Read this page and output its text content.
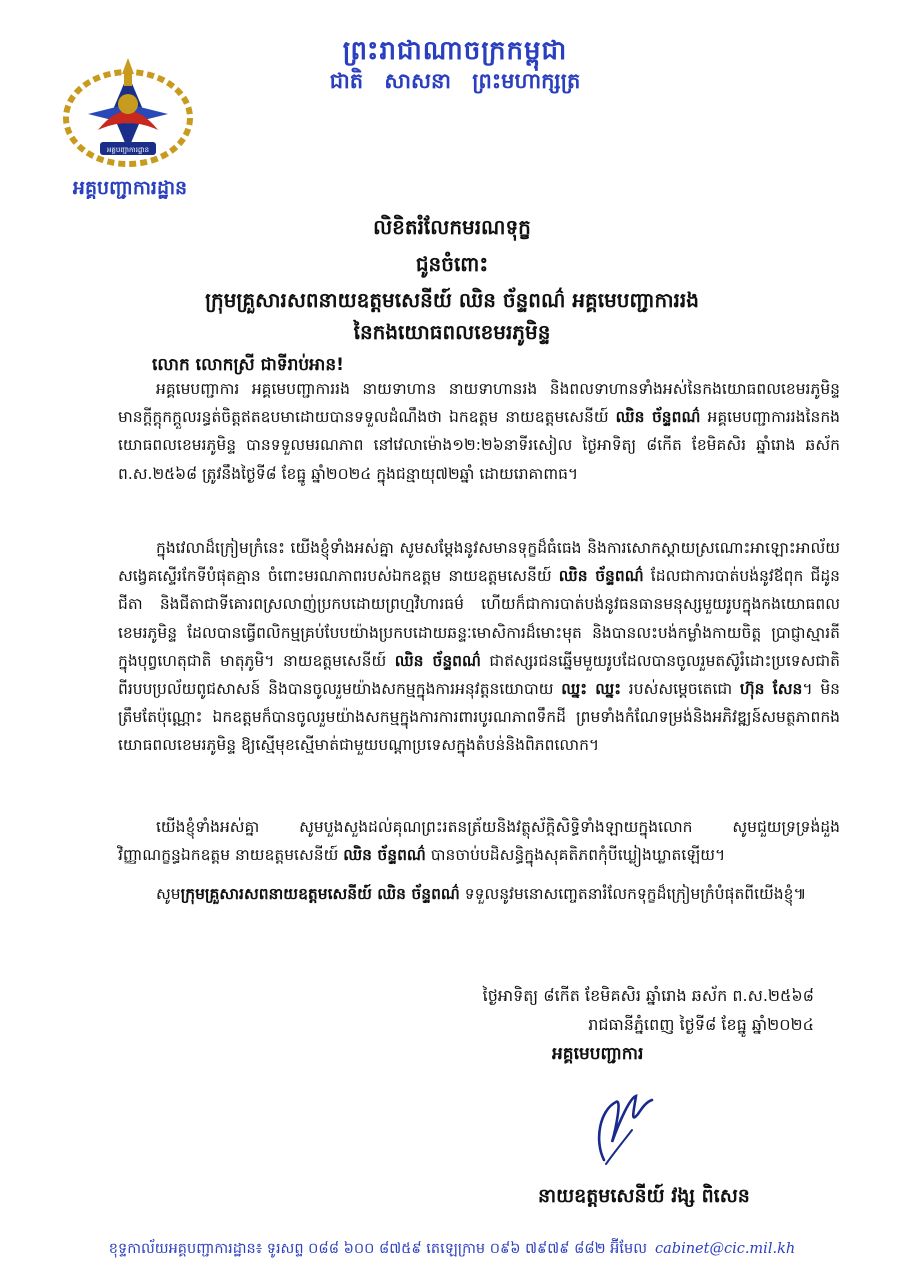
អគ្គបញ្ជាការដ្ឋាន
អគ្គបញ្ជាការដ្ឋាន
ព្រះរាជាណាចក្រកម្ពុជា
ជាតិ សាសនា ព្រះមហាក្សត្រ
លិខិតរំលែកមរណទុក្ខ
ជូនចំពោះ
ក្រុមគ្រួសារសពនាយឧត្តមសេនីយ៍ ឈិន ច័ន្ទពណ៌ អគ្គមេបញ្ជាការរង
នៃកងយោធពលខេមរភូមិន្ទ
លោក លោកស្រី ជាទីរាប់អាន!

អគ្គមេបញ្ជាការ អគ្គមេបញ្ជាការរង នាយទាហាន នាយទាហានរង និងពលទាហានទាំងអស់នៃកងយោធពលខេមរភូមិន្ទ មានក្តីក្តុកក្តួលរន្ធត់ចិត្តឥតឧបមាដោយបានទទួលដំណឹងថា ឯកឧត្តម នាយឧត្តមសេនីយ៍ ឈិន ច័ន្ទពណ៌ អគ្គមេបញ្ជាការរងនៃកងយោធពលខេមរភូមិន្ទ បានទទួលមរណភាព នៅវេលាម៉ោង១២:២៦នាទីរសៀល ថ្ងៃអាទិត្យ ៨កើត ខែមិគសិរ ឆ្នាំរោង ឆស័ក ព.ស.២៥៦៨ ត្រូវនឹងថ្ងៃទី៨ ខែធ្នូ ឆ្នាំ២០២៤ ក្នុងជន្មាយុ៧២ឆ្នាំ ដោយរោគាពាធ។

ក្នុងវេលាដ៏ក្រៀមក្រំនេះ យើងខ្ញុំទាំងអស់គ្នា សូមសម្តែងនូវសមានទុក្ខដ៏ធំធេង និងការសោកស្តាយស្រណោះអាឡោះអាល័យ សង្វេគស្ទើរកែទីបំផុតគ្មាន ចំពោះមរណភាពរបស់ឯកឧត្តម នាយឧត្តមសេនីយ៍ ឈិន ច័ន្ទពណ៌ ដែលជាការបាត់បង់នូវឪពុក ជីដូនជីតា និងជីតាជាទីគោរពស្រលាញ់ប្រកបដោយព្រហ្មវិហារធម៌ ហើយក៏ជាការបាត់បង់នូវធនធានមនុស្សមួយរូបក្នុងកងយោធពលខេមរភូមិន្ទ ដែលបានធ្វើពលិកម្មគ្រប់បែបយ៉ាងប្រកបដោយឆន្ទៈមោសិការដ៏មោះមុត និងបានលះបង់កម្លាំងកាយចិត្ត ប្រាជ្ញាស្មារតី ក្នុងបុព្វហេតុជាតិ មាតុភូមិ។ នាយឧត្តមសេនីយ៍ ឈិន ច័ន្ទពណ៌ ជាឥស្សរជនឆ្នើមមួយរូបដែលបានចូលរួមតស៊ូរំដោះប្រទេសជាតិពីរបបប្រល័យពូជសាសន៍ និងបានចូលរួមយ៉ាងសកម្មក្នុងការអនុវត្តនយោបាយ ឈ្នះ ឈ្នះ របស់សម្តេចតេជោ ហ៊ុន សែន។ មិនត្រឹមតែប៉ុណ្ណោះ ឯកឧត្តមក៏បានចូលរួមយ៉ាងសកម្មក្នុងការការពារបូរណភាពទឹកដី ព្រមទាំងកំណែទម្រង់និងអភិវឌ្ឍន៍សមត្ថភាពកងយោធពលខេមរភូមិន្ទ ឱ្យស្មើមុខស្មើមាត់ជាមួយបណ្តាប្រទេសក្នុងតំបន់និងពិភពលោក។

យើងខ្ញុំទាំងអស់គ្នា សូមបួងសួងដល់គុណព្រះរតនត្រ័យនិងវត្ថុស័ក្តិសិទ្ធិទាំងឡាយក្នុងលោក សូមជួយទ្រទ្រង់ដួងវិញ្ញាណក្ខន្ធឯកឧត្តម នាយឧត្តមសេនីយ៍ ឈិន ច័ន្ទពណ៌ បានចាប់បដិសន្ធិក្នុងសុគតិភពកុំបីឃ្លៀងឃ្លាតឡើយ។

សូមក្រុមគ្រួសារសពនាយឧត្តមសេនីយ៍ ឈិន ច័ន្ទពណ៌ ទទួលនូវមនោសញ្ចេតនារំលែកទុក្ខដ៏ក្រៀមក្រំបំផុតពីយើងខ្ញុំ៕

ថ្ងៃអាទិត្យ ៨កើត ខែមិគសិរ ឆ្នាំរោង ឆស័ក ព.ស.២៥៦៨
រាជធានីភ្នំពេញ ថ្ងៃទី៨ ខែធ្នូ ឆ្នាំ២០២៤
អគ្គមេបញ្ជាការ
នាយឧត្តមសេនីយ៍ វង្ស ពិសេន
ខុទ្ទកាល័យអគ្គបញ្ជាការដ្ឋាន៖ ទូរសព្ទ ០៨៨ ៦០០ ៨៧៥៩ តេឡេក្រាម ០៩៦ ៧៩៧៩ ៨៨២ អ៊ីមែល cabinet@cic.mil.kh
